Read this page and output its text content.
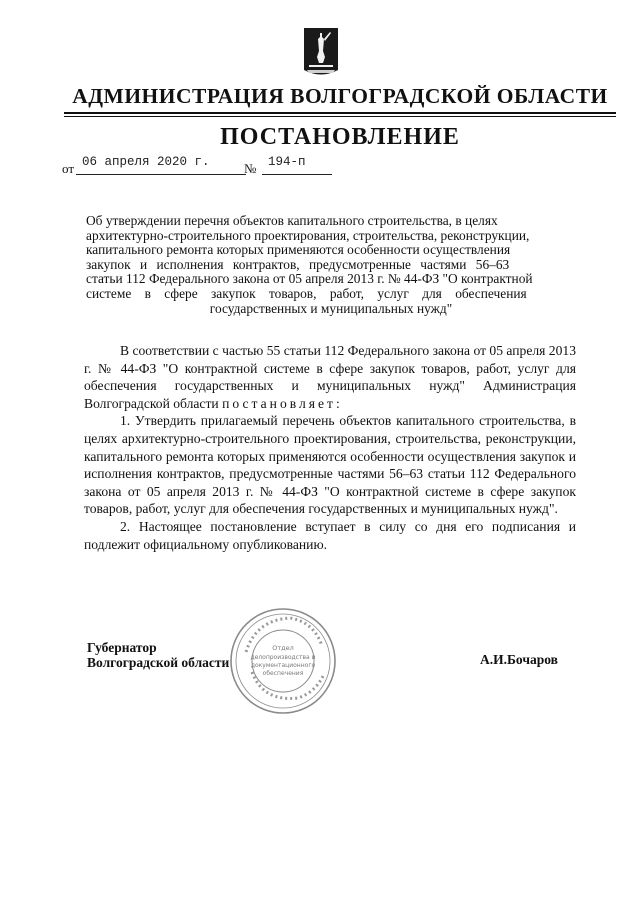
АДМИНИСТРАЦИЯ ВОЛГОГРАДСКОЙ ОБЛАСТИ
ПОСТАНОВЛЕНИЕ
от 06 апреля 2020 г.	№ 194-п
Об утверждении перечня объектов капитального строительства, в целях
архитектурно-строительного проектирования, строительства, реконструкции,
капитального ремонта которых применяются особенности осуществления
закупок и исполнения контрактов, предусмотренные частями 56–63
статьи 112 Федерального закона от 05 апреля 2013 г. № 44-ФЗ "О контрактной
системе в сфере закупок товаров, работ, услуг для обеспечения
государственных и муниципальных нужд"

В соответствии с частью 55 статьи 112 Федерального закона от 05 апреля 2013 г. № 44-ФЗ "О контрактной системе в сфере закупок товаров, работ, услуг для обеспечения государственных и муниципальных нужд" Администрация Волгоградской области постановляет:

1. Утвердить прилагаемый перечень объектов капитального строительства, в целях архитектурно-строительного проектирования, строительства, реконструкции, капитального ремонта которых применяются особенности осуществления закупок и исполнения контрактов, предусмотренные частями 56–63 статьи 112 Федерального закона от 05 апреля 2013 г. № 44-ФЗ "О контрактной системе в сфере закупок товаров, работ, услуг для обеспечения государственных и муниципальных нужд".

2. Настоящее постановление вступает в силу со дня его подписания и подлежит официальному опубликованию.

Губернатор
Волгоградской области	А.И.Бочаров
Отдел
делопроизводства и
документационного
обеспечения
